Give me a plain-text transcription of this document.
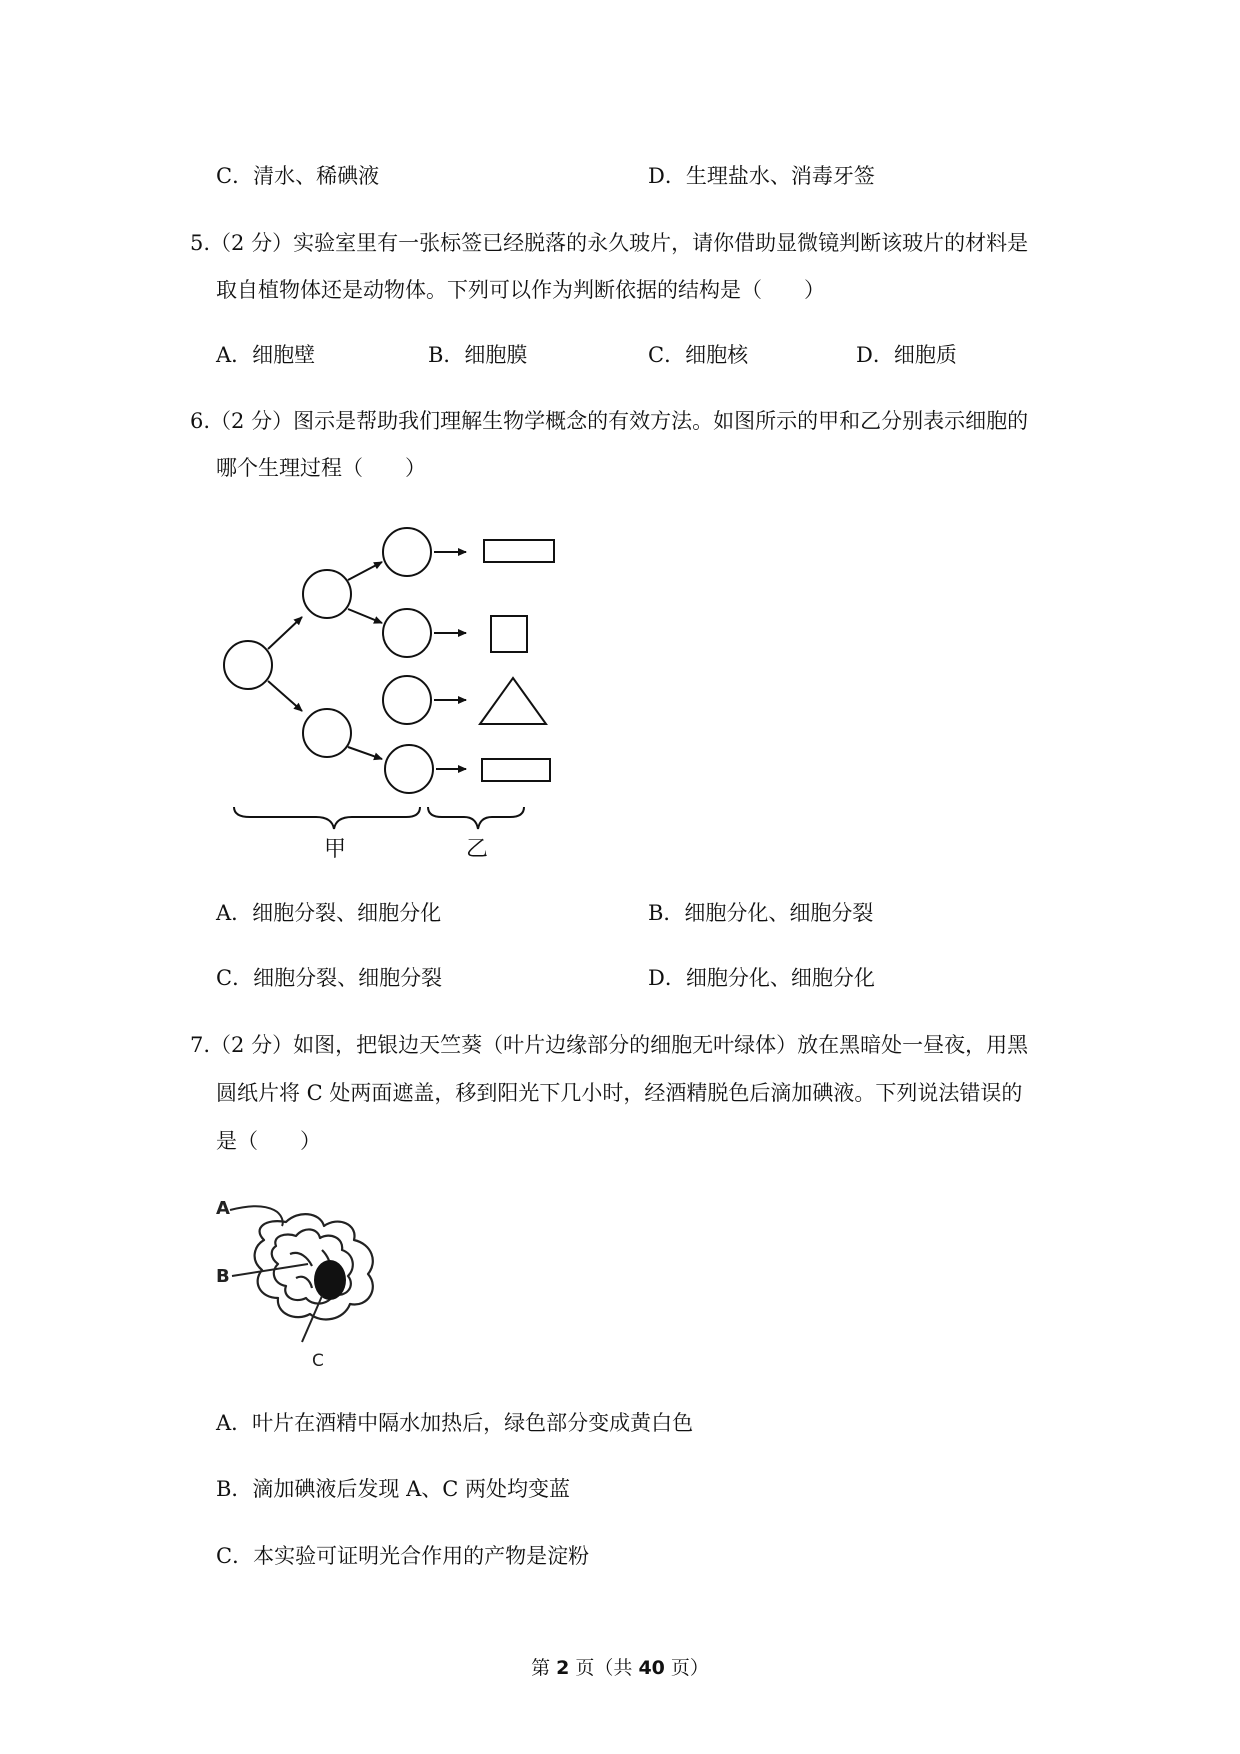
C．清水、稀碘液	D．生理盐水、消毒牙签
5.（2 分）实验室里有一张标签已经脱落的永久玻片，请你借助显微镜判断该玻片的材料是
取自植物体还是动物体。下列可以作为判断依据的结构是（　　）
A．细胞壁	B．细胞膜	C．细胞核	D．细胞质
6.（2 分）图示是帮助我们理解生物学概念的有效方法。如图所示的甲和乙分别表示细胞的
哪个生理过程（　　）
甲	乙
A．细胞分裂、细胞分化	B．细胞分化、细胞分裂
C．细胞分裂、细胞分裂	D．细胞分化、细胞分化
7.（2 分）如图，把银边天竺葵（叶片边缘部分的细胞无叶绿体）放在黑暗处一昼夜，用黑
圆纸片将 C 处两面遮盖，移到阳光下几小时，经酒精脱色后滴加碘液。下列说法错误的
是（　　）
A
B
C
A．叶片在酒精中隔水加热后，绿色部分变成黄白色
B．滴加碘液后发现 A、C 两处均变蓝
C．本实验可证明光合作用的产物是淀粉
第 2 页（共 40 页）
